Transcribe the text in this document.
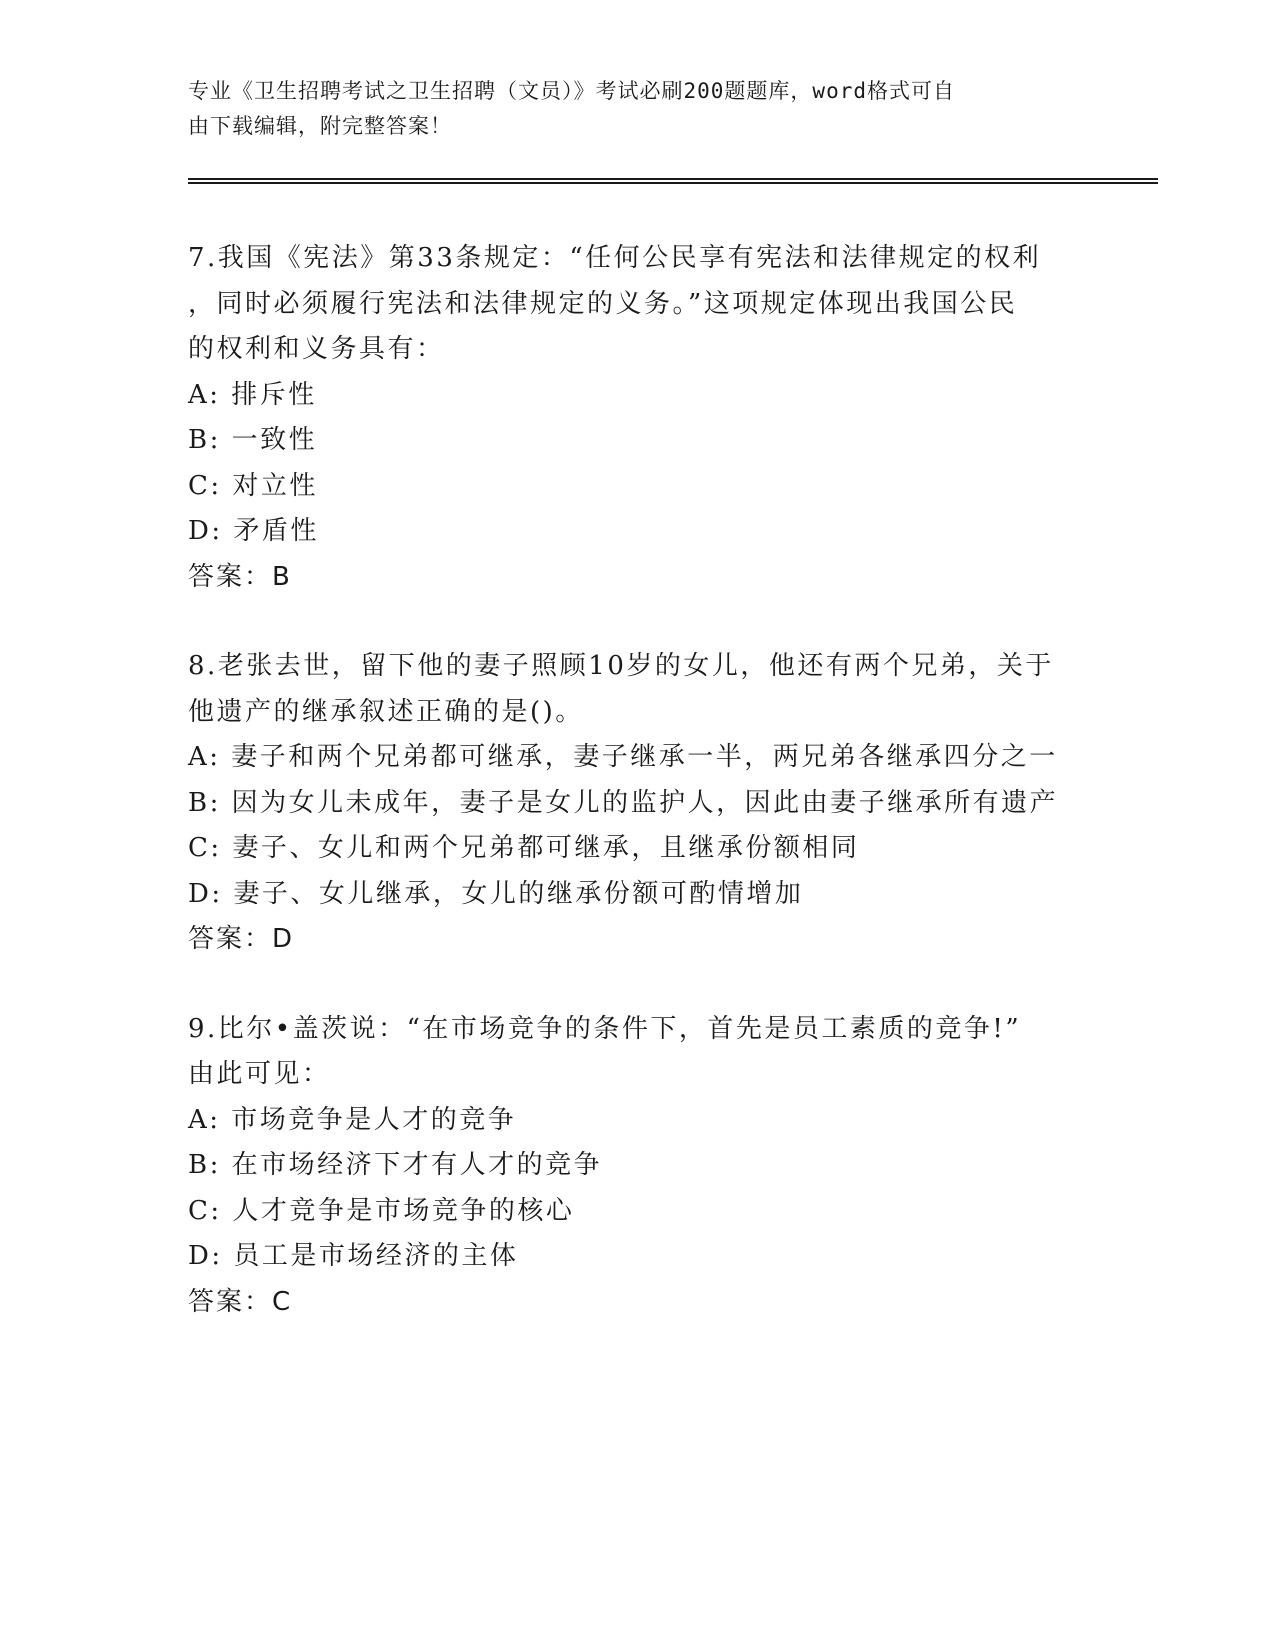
专业《卫生招聘考试之卫生招聘（文员）》考试必刷200题题库，word格式可自
由下载编辑，附完整答案！
7.我国《宪法》第33条规定：“任何公民享有宪法和法律规定的权利
，同时必须履行宪法和法律规定的义务。”这项规定体现出我国公民
的权利和义务具有：
A: 排斥性
B: 一致性
C: 对立性
D: 矛盾性
答案：B
8.老张去世，留下他的妻子照顾10岁的女儿，他还有两个兄弟，关于
他遗产的继承叙述正确的是()。
A: 妻子和两个兄弟都可继承，妻子继承一半，两兄弟各继承四分之一
B: 因为女儿未成年，妻子是女儿的监护人，因此由妻子继承所有遗产
C: 妻子、女儿和两个兄弟都可继承，且继承份额相同
D: 妻子、女儿继承，女儿的继承份额可酌情增加
答案：D
9.比尔•盖茨说：“在市场竞争的条件下，首先是员工素质的竞争!”
由此可见：
A: 市场竞争是人才的竞争
B: 在市场经济下才有人才的竞争
C: 人才竞争是市场竞争的核心
D: 员工是市场经济的主体
答案：C
